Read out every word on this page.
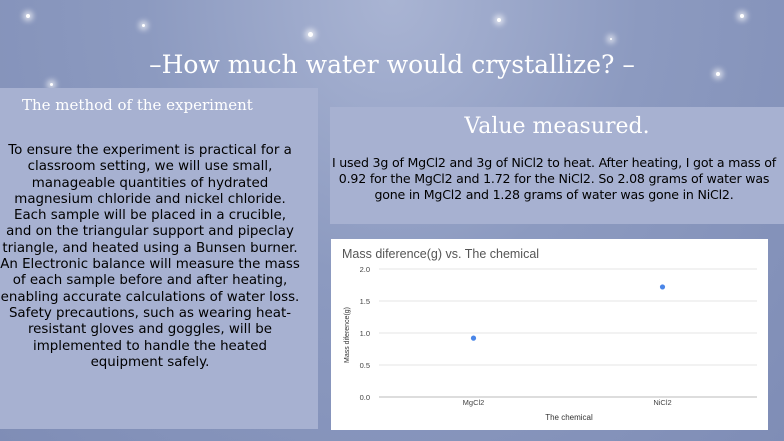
–How much water would crystallize? –
The method of the experiment
To ensure the experiment is practical for a classroom setting, we will use small, manageable quantities of hydrated magnesium chloride and nickel chloride. Each sample will be placed in a crucible, and on the triangular support and pipeclay triangle, and heated using a Bunsen burner. An Electronic balance will measure the mass of each sample before and after heating, enabling accurate calculations of water loss. Safety precautions, such as wearing heat-resistant gloves and goggles, will be implemented to handle the heated equipment safely.
Value measured.
I used 3g of MgCl2 and 3g of NiCl2 to heat. After heating, I got a mass of 0.92 for the MgCl2 and 1.72 for the NiCl2. So 2.08 grams of water was gone in MgCl2 and 1.28 grams of water was gone in NiCl2.
Mass diference(g) vs. The chemical
0.0
0.5
1.0
1.5
2.0
MgCl2	NiCl2
The chemical
Mass diference(g)
